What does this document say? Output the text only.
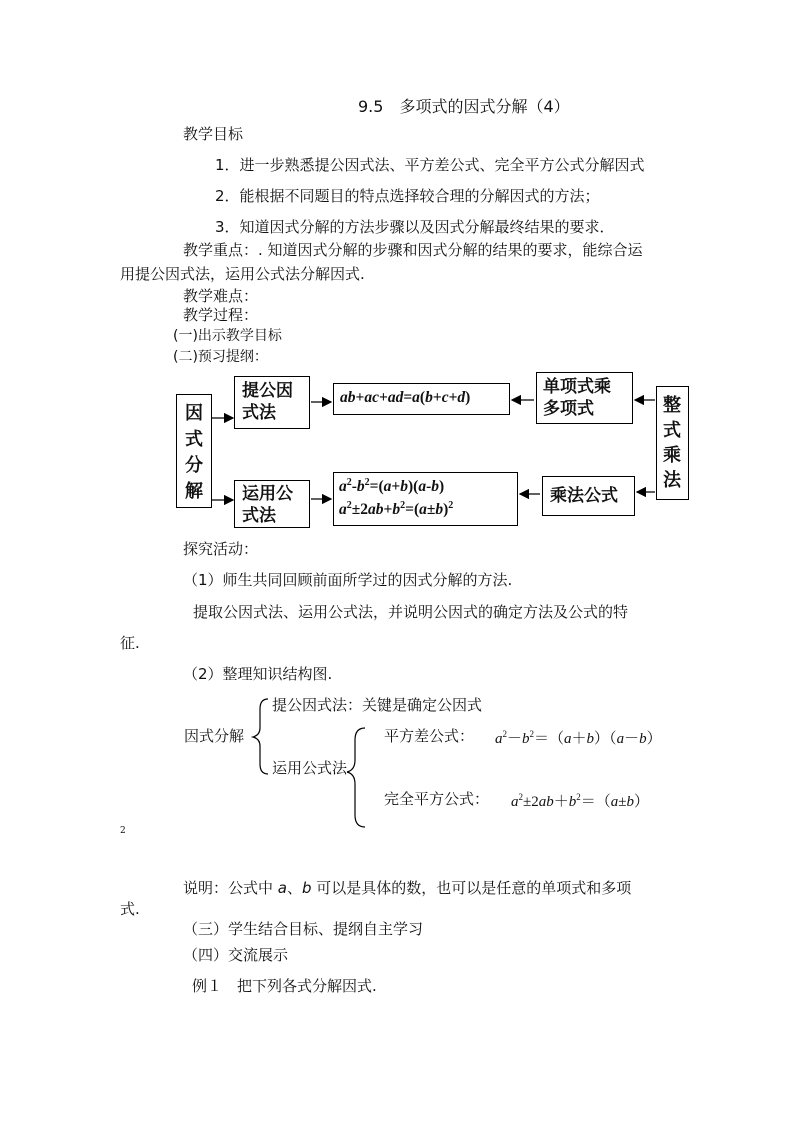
9.5　多项式的因式分解（4）
教学目标
1．进一步熟悉提公因式法、平方差公式、完全平方公式分解因式
2．能根据不同题目的特点选择较合理的分解因式的方法；
3．知道因式分解的方法步骤以及因式分解最终结果的要求．
教学重点：. 知道因式分解的步骤和因式分解的结果的要求，能综合运
用提公因式法，运用公式法分解因式.
教学难点：
教学过程：
(一)出示教学目标
(二)预习提纲：
因
式
分
解
提公因
式法
运用公
式法
ab+ac+ad=a(b+c+d)
$a^2-b^2=(a+b)(a-b)$
$a^2\pm 2ab+b^2=(a\pm b)^2$
单项式乘
多项式
乘法公式
整
式
乘
法
探究活动：
（1）师生共同回顾前面所学过的因式分解的方法.
提取公因式法、运用公式法，并说明公因式的确定方法及公式的特
征.
（2）整理知识结构图.
因式分解
提公因式法：关键是确定公因式
运用公式法
平方差公式： $a^2-b^2=(a+b)(a-b)$
完全平方公式： $a^2\pm 2ab+b^2=(a\pm b)$
2
说明：公式中 a、b 可以是具体的数，也可以是任意的单项式和多项
式.
（三）学生结合目标、提纲自主学习
（四）交流展示
例１　把下列各式分解因式.
